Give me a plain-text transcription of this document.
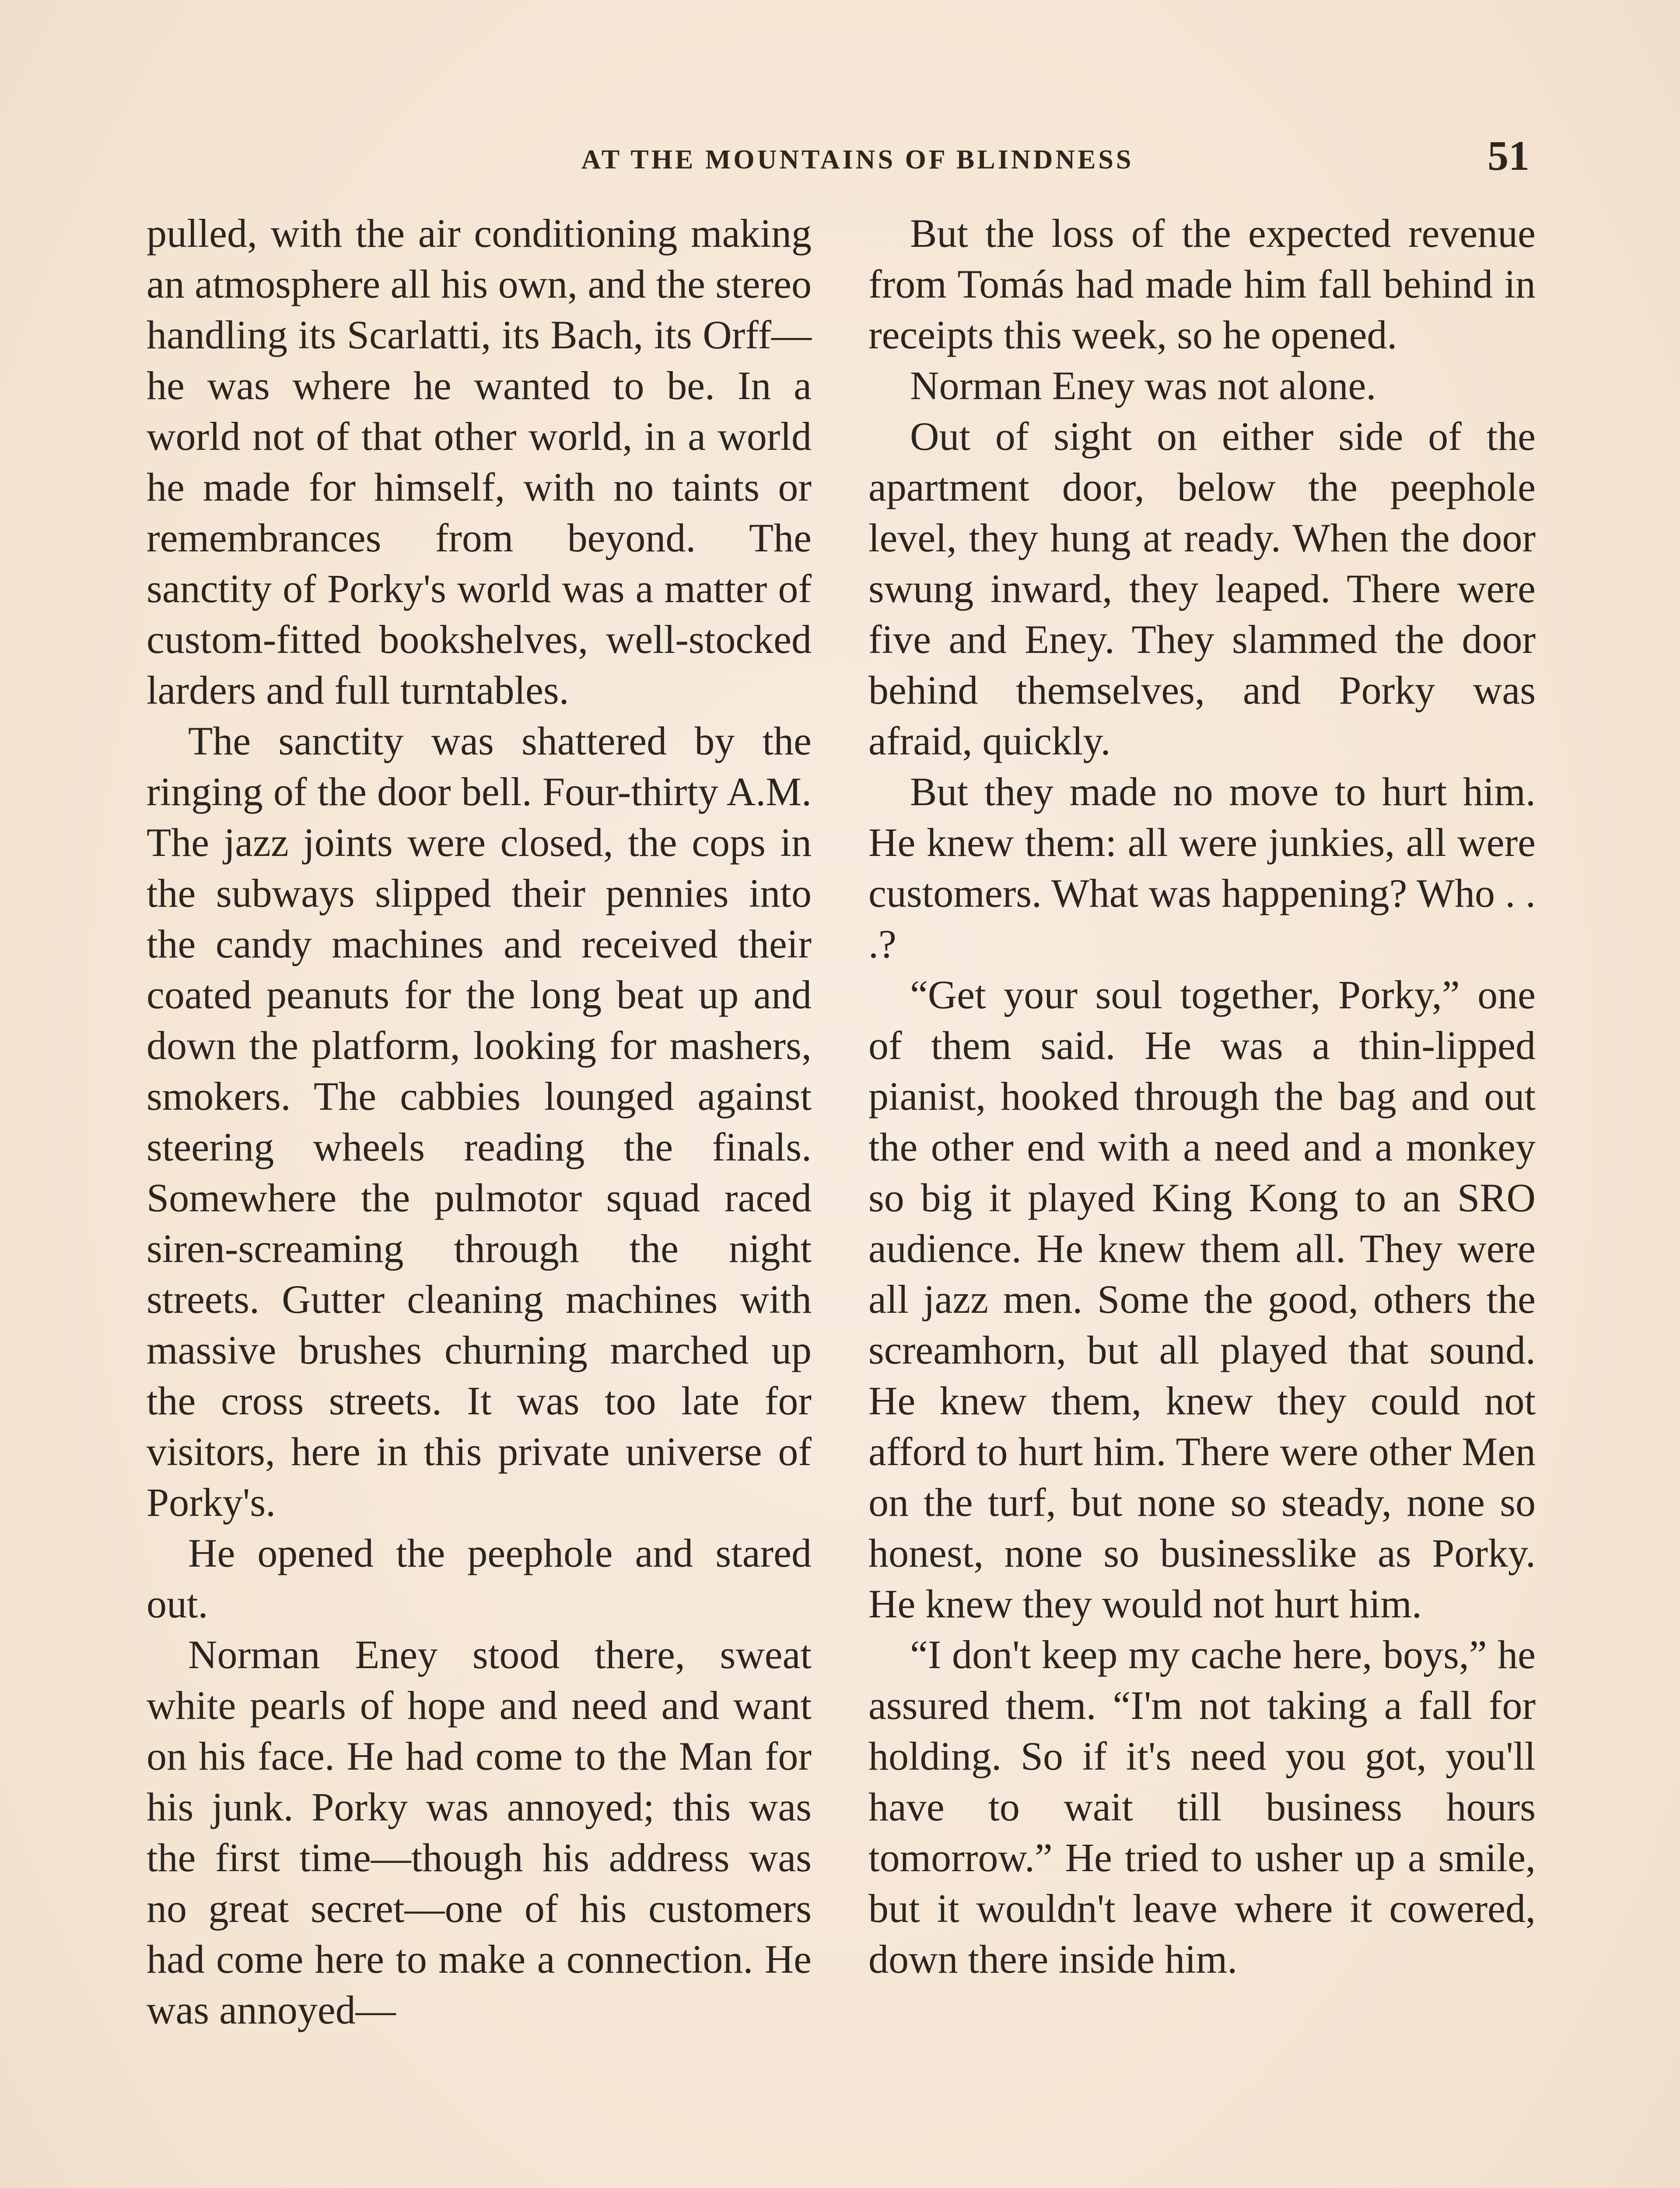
AT THE MOUNTAINS OF BLINDNESS	51

pulled, with the air conditioning making an atmosphere all his own, and the stereo handling its Scarlatti, its Bach, its Orff—he was where he wanted to be. In a world not of that other world, in a world he made for himself, with no taints or remembrances from beyond. The sanctity of Porky's world was a matter of custom-fitted bookshelves, well-stocked larders and full turntables.

The sanctity was shattered by the ringing of the door bell. Four-thirty A.M. The jazz joints were closed, the cops in the subways slipped their pennies into the candy machines and received their coated peanuts for the long beat up and down the platform, looking for mashers, smokers. The cabbies lounged against steering wheels reading the finals. Somewhere the pulmotor squad raced siren-screaming through the night streets. Gutter cleaning machines with massive brushes churning marched up the cross streets. It was too late for visitors, here in this private universe of Porky's.

He opened the peephole and stared out.

Norman Eney stood there, sweat white pearls of hope and need and want on his face. He had come to the Man for his junk. Porky was annoyed; this was the first time—though his address was no great secret—one of his customers had come here to make a connection. He was annoyed—

But the loss of the expected revenue from Tomás had made him fall behind in receipts this week, so he opened.

Norman Eney was not alone.

Out of sight on either side of the apartment door, below the peephole level, they hung at ready. When the door swung inward, they leaped. There were five and Eney. They slammed the door behind themselves, and Porky was afraid, quickly.

But they made no move to hurt him. He knew them: all were junkies, all were customers. What was happening? Who . . .?

“Get your soul together, Porky,” one of them said. He was a thin-lipped pianist, hooked through the bag and out the other end with a need and a monkey so big it played King Kong to an SRO audience. He knew them all. They were all jazz men. Some the good, others the screamhorn, but all played that sound. He knew them, knew they could not afford to hurt him. There were other Men on the turf, but none so steady, none so honest, none so businesslike as Porky. He knew they would not hurt him.

“I don't keep my cache here, boys,” he assured them. “I'm not taking a fall for holding. So if it's need you got, you'll have to wait till business hours tomorrow.” He tried to usher up a smile, but it wouldn't leave where it cowered, down there inside him.
